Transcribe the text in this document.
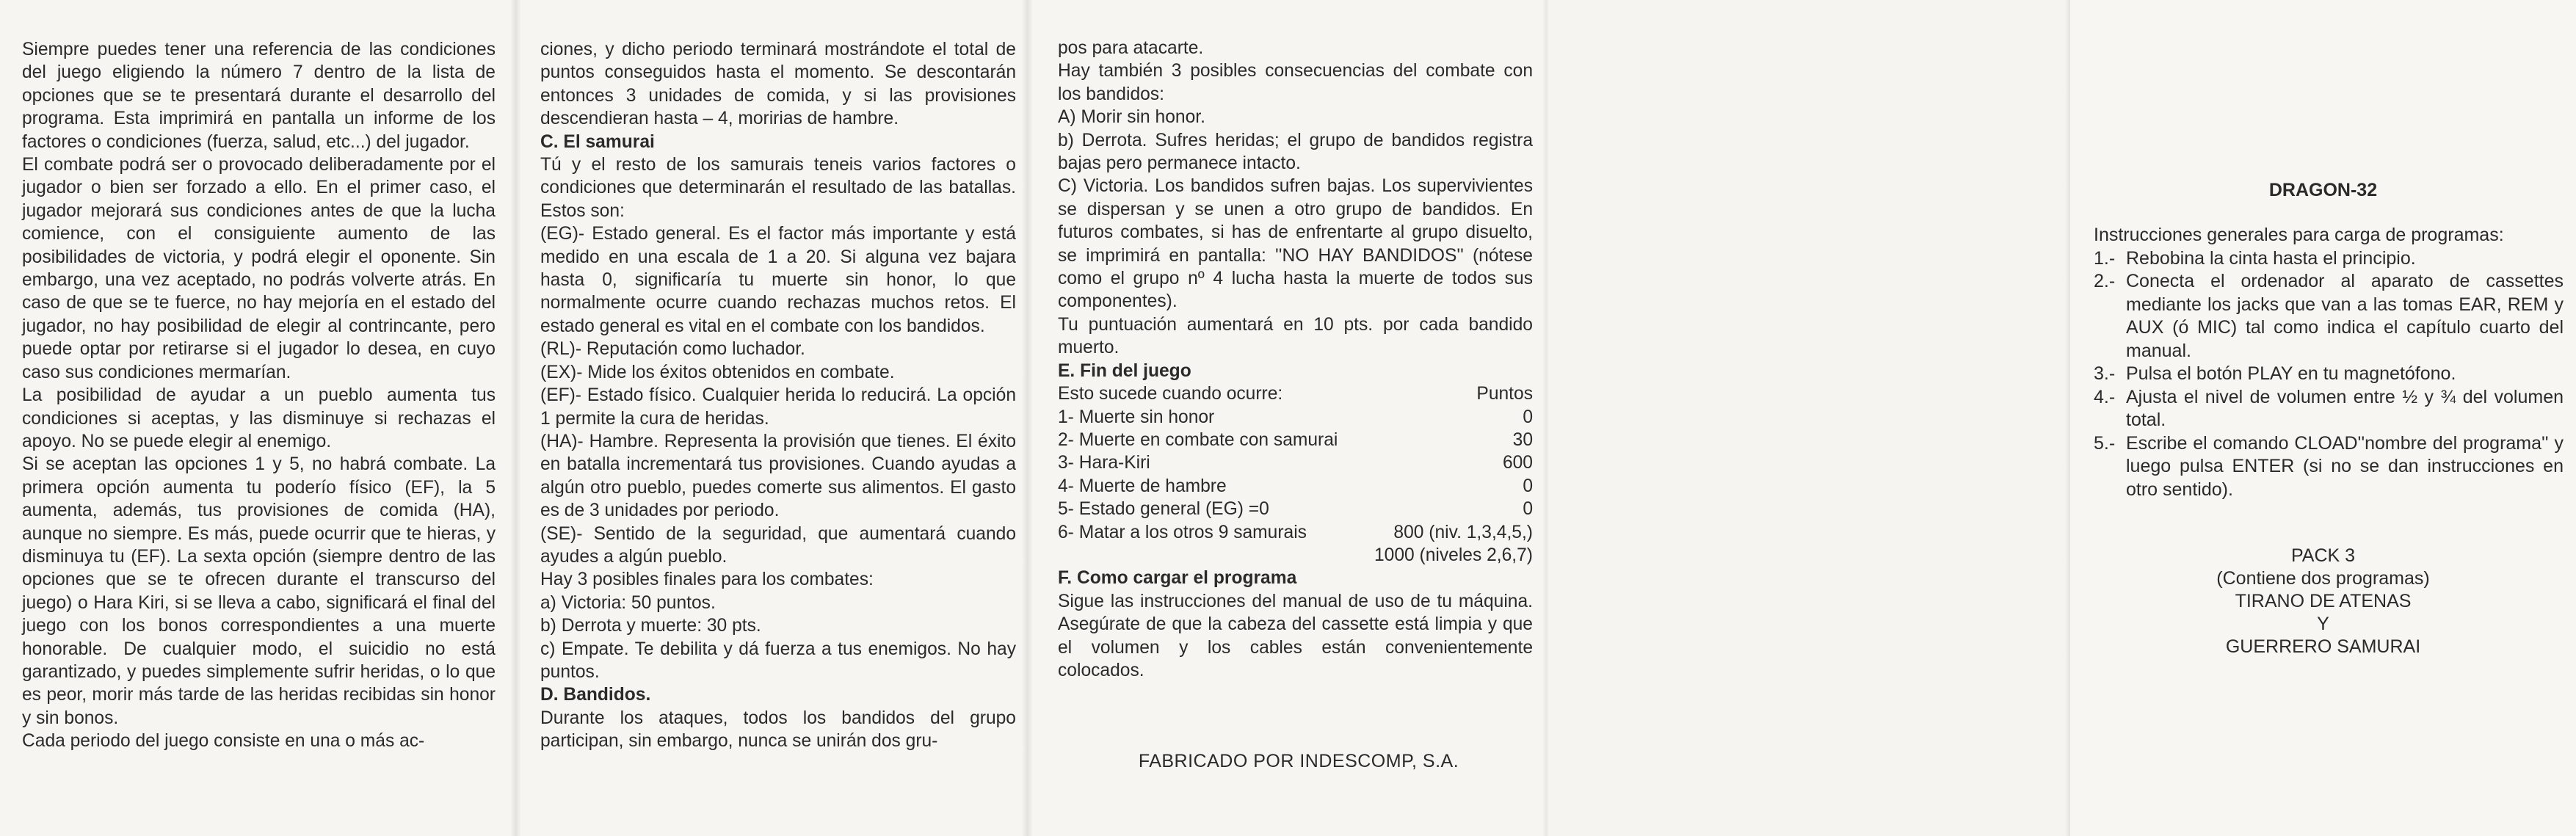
Siempre puedes tener una referencia de las condiciones del juego eligiendo la número 7 dentro de la lista de opciones que se te presentará durante el desarrollo del programa. Esta imprimirá en pantalla un informe de los factores o condiciones (fuerza, salud, etc...) del jugador.

El combate podrá ser o provocado deliberadamente por el jugador o bien ser forzado a ello. En el primer caso, el jugador mejorará sus condiciones antes de que la lucha comience, con el consiguiente aumento de las posibilidades de victoria, y podrá elegir el oponente. Sin embargo, una vez aceptado, no podrás volverte atrás. En caso de que se te fuerce, no hay mejoría en el estado del jugador, no hay posibilidad de elegir al contrincante, pero puede optar por retirarse si el jugador lo desea, en cuyo caso sus condiciones mermarían.

La posibilidad de ayudar a un pueblo aumenta tus condiciones si aceptas, y las disminuye si rechazas el apoyo. No se puede elegir al enemigo.

Si se aceptan las opciones 1 y 5, no habrá combate. La primera opción aumenta tu poderío físico (EF), la 5 aumenta, además, tus provisiones de comida (HA), aunque no siempre. Es más, puede ocurrir que te hieras, y disminuya tu (EF). La sexta opción (siempre dentro de las opciones que se te ofrecen durante el transcurso del juego) o Hara Kiri, si se lleva a cabo, significará el final del juego con los bonos correspondientes a una muerte honorable. De cualquier modo, el suicidio no está garantizado, y puedes simplemente sufrir heridas, o lo que es peor, morir más tarde de las heridas recibidas sin honor y sin bonos.

Cada periodo del juego consiste en una o más ac-

ciones, y dicho periodo terminará mostrándote el total de puntos conseguidos hasta el momento. Se descontarán entonces 3 unidades de comida, y si las provisiones descendieran hasta – 4, moririas de hambre.

C. El samurai

Tú y el resto de los samurais teneis varios factores o condiciones que determinarán el resultado de las batallas. Estos son:

(EG)- Estado general. Es el factor más importante y está medido en una escala de 1 a 20. Si alguna vez bajara hasta 0, significaría tu muerte sin honor, lo que normalmente ocurre cuando rechazas muchos retos. El estado general es vital en el combate con los bandidos.

(RL)- Reputación como luchador.

(EX)- Mide los éxitos obtenidos en combate.

(EF)- Estado físico. Cualquier herida lo reducirá. La opción 1 permite la cura de heridas.

(HA)- Hambre. Representa la provisión que tienes. El éxito en batalla incrementará tus provisiones. Cuando ayudas a algún otro pueblo, puedes comerte sus alimentos. El gasto es de 3 unidades por periodo.

(SE)- Sentido de la seguridad, que aumentará cuando ayudes a algún pueblo.

Hay 3 posibles finales para los combates:

a) Victoria: 50 puntos.

b) Derrota y muerte: 30 pts.

c) Empate. Te debilita y dá fuerza a tus enemigos. No hay puntos.

D. Bandidos.

Durante los ataques, todos los bandidos del grupo participan, sin embargo, nunca se unirán dos gru-

pos para atacarte.

Hay también 3 posibles consecuencias del combate con los bandidos:

A) Morir sin honor.

b) Derrota. Sufres heridas; el grupo de bandidos registra bajas pero permanece intacto.

C) Victoria. Los bandidos sufren bajas. Los supervivientes se dispersan y se unen a otro grupo de bandidos. En futuros combates, si has de enfrentarte al grupo disuelto, se imprimirá en pantalla: ''NO HAY BANDIDOS'' (nótese como el grupo nº 4 lucha hasta la muerte de todos sus componentes).

Tu puntuación aumentará en 10 pts. por cada bandido muerto.

E. Fin del juego

Esto sucede cuando ocurre:	Puntos
1- Muerte sin honor	0
2- Muerte en combate con samurai	30
3- Hara-Kiri	600
4- Muerte de hambre	0
5- Estado general (EG) =0	0
6- Matar a los otros 9 samurais	800 (niv. 1,3,4,5,)

1000 (niveles 2,6,7)

F. Como cargar el programa

Sigue las instrucciones del manual de uso de tu máquina. Asegúrate de que la cabeza del cassette está limpia y que el volumen y los cables están convenientemente colocados.

FABRICADO POR INDESCOMP, S.A.
DRAGON-32

Instrucciones generales para carga de programas:

1.- Rebobina la cinta hasta el principio.
2.- Conecta el ordenador al aparato de cassettes mediante los jacks que van a las tomas EAR, REM y AUX (ó MIC) tal como indica el capítulo cuarto del manual.
3.- Pulsa el botón PLAY en tu magnetófono.
4.- Ajusta el nivel de volumen entre ½ y ¾ del volumen total.
5.- Escribe el comando CLOAD''nombre del programa'' y luego pulsa ENTER (si no se dan instrucciones en otro sentido).

PACK 3

(Contiene dos programas)

TIRANO DE ATENAS

Y

GUERRERO SAMURAI
